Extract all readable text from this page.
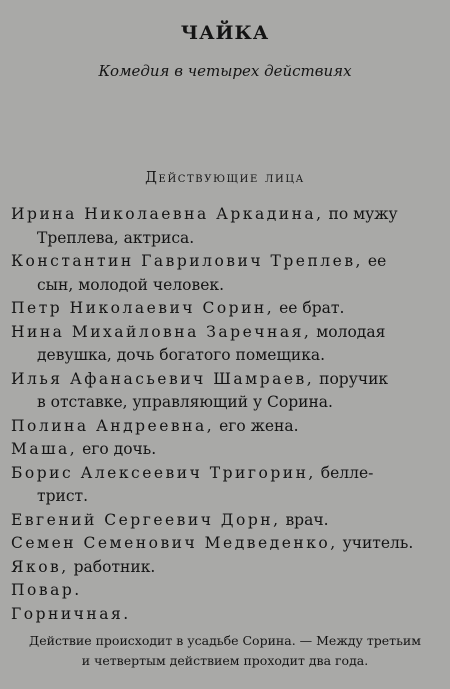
ЧАЙКА
Комедия в четырех действиях
Действующие лица
Ирина Николаевна Аркадина, по мужу
Треплева, актриса.
Константин Гаврилович Треплев, ее
сын, молодой человек.
Петр Николаевич Сорин, ее брат.
Нина Михайловна Заречная, молодая
девушка, дочь богатого помещика.
Илья Афанасьевич Шамраев, поручик
в отставке, управляющий у Сорина.
Полина Андреевна, его жена.
Маша, его дочь.
Борис Алексеевич Тригорин, белле-
трист.
Евгений Сергеевич Дорн, врач.
Семен Семенович Медведенко, учитель.
Яков, работник.
Повар.
Горничная.
Действие происходит в усадьбе Сорина. — Между третьим
и четвертым действием проходит два года.
